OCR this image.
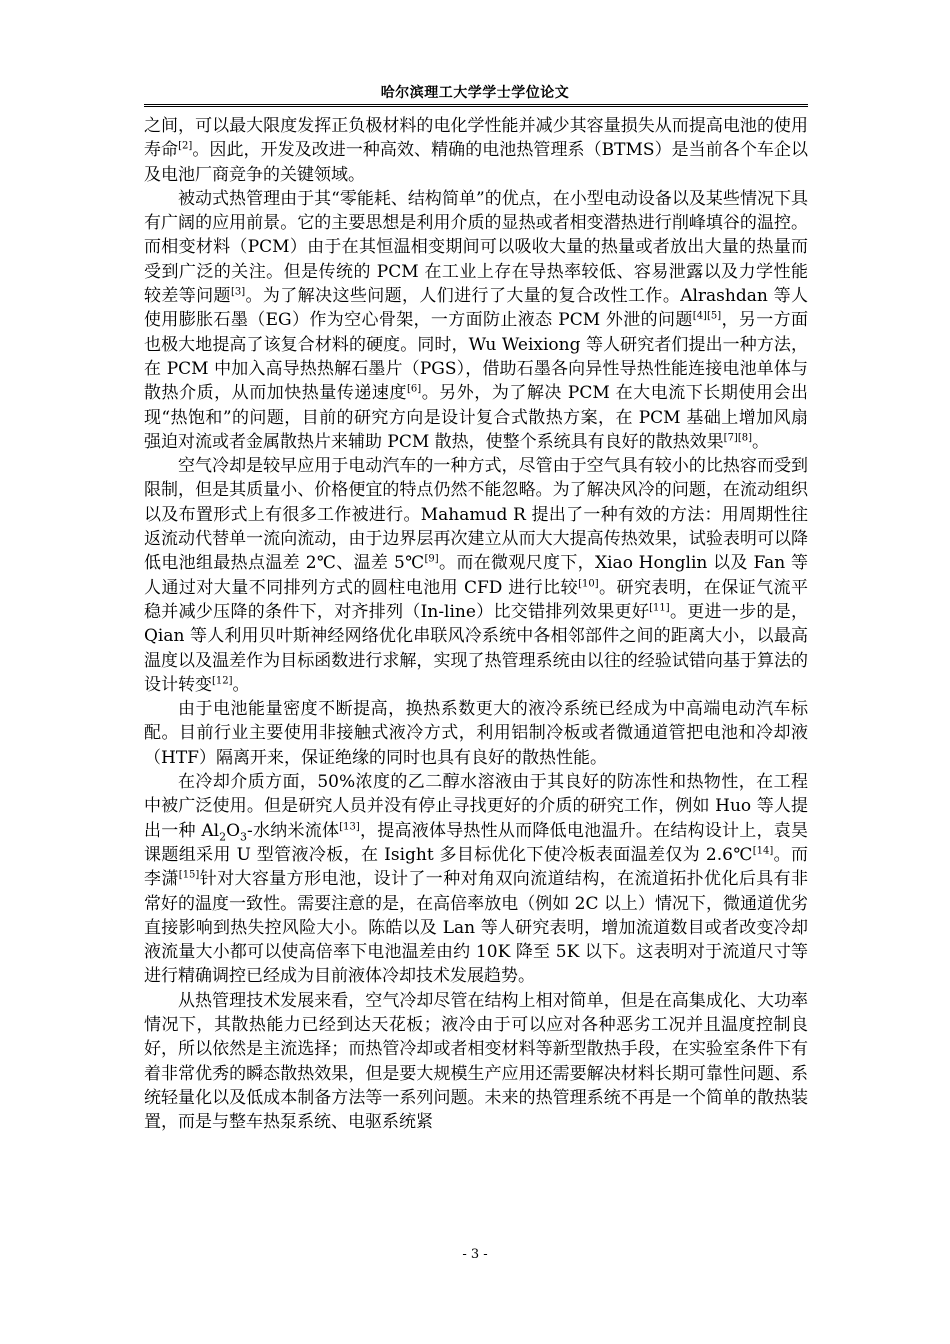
哈尔滨理工大学学士学位论文

之间，可以最大限度发挥正负极材料的电化学性能并减少其容量损失从而提高电池的使用寿命[2]。因此，开发及改进一种高效、精确的电池热管理系（BTMS）是当前各个车企以及电池厂商竞争的关键领域。

被动式热管理由于其“零能耗、结构简单”的优点，在小型电动设备以及某些情况下具有广阔的应用前景。它的主要思想是利用介质的显热或者相变潜热进行削峰填谷的温控。而相变材料（PCM）由于在其恒温相变期间可以吸收大量的热量或者放出大量的热量而受到广泛的关注。但是传统的 PCM 在工业上存在导热率较低、容易泄露以及力学性能较差等问题[3]。为了解决这些问题，人们进行了大量的复合改性工作。Alrashdan 等人使用膨胀石墨（EG）作为空心骨架，一方面防止液态 PCM 外泄的问题[4][5]，另一方面也极大地提高了该复合材料的硬度。同时，Wu Weixiong 等人研究者们提出一种方法，在 PCM 中加入高导热热解石墨片（PGS），借助石墨各向异性导热性能连接电池单体与散热介质，从而加快热量传递速度[6]。另外，为了解决 PCM 在大电流下长期使用会出现“热饱和”的问题，目前的研究方向是设计复合式散热方案，在 PCM 基础上增加风扇强迫对流或者金属散热片来辅助 PCM 散热，使整个系统具有良好的散热效果[7][8]。

空气冷却是较早应用于电动汽车的一种方式，尽管由于空气具有较小的比热容而受到限制，但是其质量小、价格便宜的特点仍然不能忽略。为了解决风冷的问题，在流动组织以及布置形式上有很多工作被进行。Mahamud R 提出了一种有效的方法：用周期性往返流动代替单一流向流动，由于边界层再次建立从而大大提高传热效果，试验表明可以降低电池组最热点温差 2℃、温差 5℃[9]。而在微观尺度下，Xiao Honglin 以及 Fan 等人通过对大量不同排列方式的圆柱电池用 CFD 进行比较[10]。研究表明，在保证气流平稳并减少压降的条件下，对齐排列（In-line）比交错排列效果更好[11]。更进一步的是，Qian 等人利用贝叶斯神经网络优化串联风冷系统中各相邻部件之间的距离大小，以最高温度以及温差作为目标函数进行求解，实现了热管理系统由以往的经验试错向基于算法的设计转变[12]。

由于电池能量密度不断提高，换热系数更大的液冷系统已经成为中高端电动汽车标配。目前行业主要使用非接触式液冷方式，利用铝制冷板或者微通道管把电池和冷却液（HTF）隔离开来，保证绝缘的同时也具有良好的散热性能。

在冷却介质方面，50%浓度的乙二醇水溶液由于其良好的防冻性和热物性，在工程中被广泛使用。但是研究人员并没有停止寻找更好的介质的研究工作，例如 Huo 等人提出一种 $Al_2O_3-$水纳米流体[13]，提高液体导热性从而降低电池温升。在结构设计上，袁昊课题组采用 U 型管液冷板，在 Isight 多目标优化下使冷板表面温差仅为 2.6℃[14]。而李潇[15]针对大容量方形电池，设计了一种对角双向流道结构，在流道拓扑优化后具有非常好的温度一致性。需要注意的是，在高倍率放电（例如 2C 以上）情况下，微通道优劣直接影响到热失控风险大小。陈皓以及 Lan 等人研究表明，增加流道数目或者改变冷却液流量大小都可以使高倍率下电池温差由约 10K 降至 5K 以下。这表明对于流道尺寸等进行精确调控已经成为目前液体冷却技术发展趋势。

从热管理技术发展来看，空气冷却尽管在结构上相对简单，但是在高集成化、大功率情况下，其散热能力已经到达天花板；液冷由于可以应对各种恶劣工况并且温度控制良好，所以依然是主流选择；而热管冷却或者相变材料等新型散热手段，在实验室条件下有着非常优秀的瞬态散热效果，但是要大规模生产应用还需要解决材料长期可靠性问题、系统轻量化以及低成本制备方法等一系列问题。未来的热管理系统不再是一个简单的散热装置，而是与整车热泵系统、电驱系统紧

- 3 -
